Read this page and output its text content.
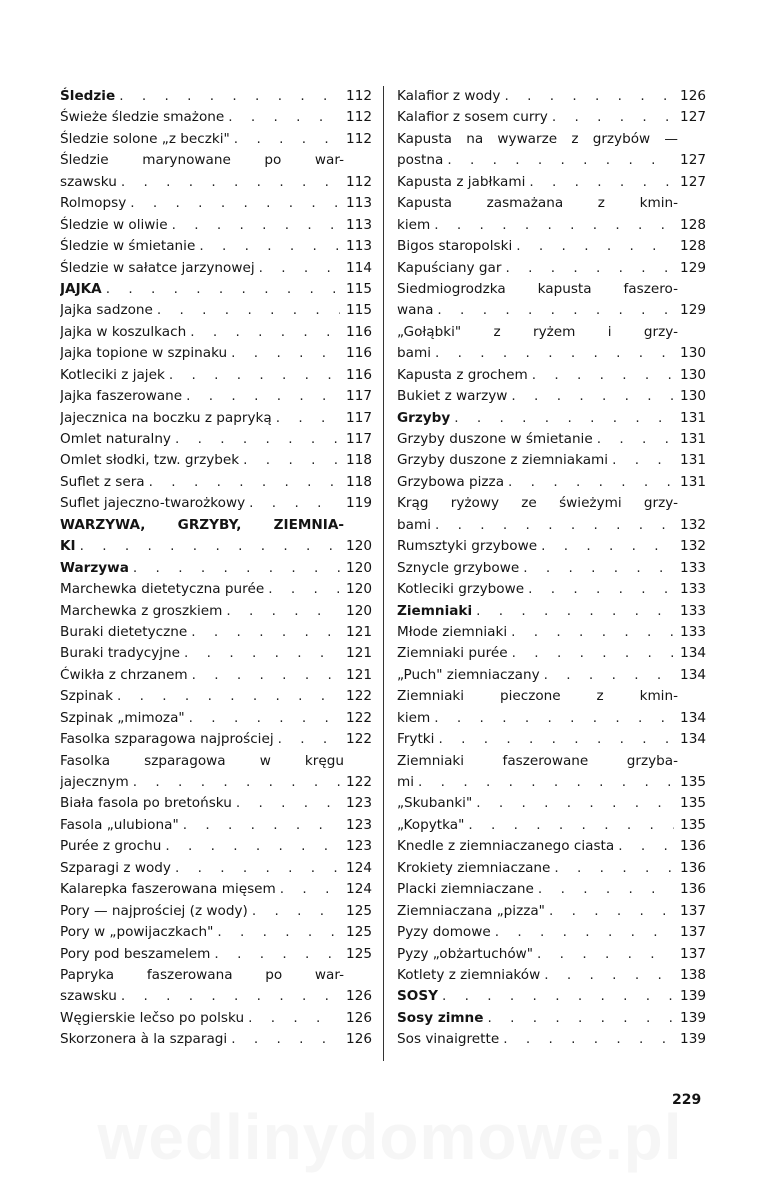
Śledzie . . .	112
Świeże śledzie smażone . . .	112
Śledzie solone „z beczki" . . .	112
Śledzie marynowane po war-
szawsku . . .	112
Rolmopsy . . .	113
Śledzie w oliwie . . .	113
Śledzie w śmietanie . . .	113
Śledzie w sałatce jarzynowej . . .	114
JAJKA . . .	115
Jajka sadzone . . .	115
Jajka w koszulkach . . .	116
Jajka topione w szpinaku . . .	116
Kotleciki z jajek . . .	116
Jajka faszerowane . . .	117
Jajecznica na boczku z papryką . . .	117
Omlet naturalny . . .	117
Omlet słodki, tzw. grzybek . . .	118
Suflet z sera . . .	118
Suflet jajeczno-twarożkowy . . .	119
WARZYWA, GRZYBY, ZIEMNIA-
KI . . .	120
Warzywa . . .	120
Marchewka dietetyczna purée . . .	120
Marchewka z groszkiem . . .	120
Buraki dietetyczne . . .	121
Buraki tradycyjne . . .	121
Ćwikła z chrzanem . . .	121
Szpinak . . .	122
Szpinak „mimoza" . . .	122
Fasolka szparagowa najprościej . . .	122
Fasolka szparagowa w kręgu
jajecznym . . .	122
Biała fasola po bretońsku . . .	123
Fasola „ulubiona" . . .	123
Purée z grochu . . .	123
Szparagi z wody . . .	124
Kalarepka faszerowana mięsem . . .	124
Pory — najprościej (z wody) . . .	125
Pory w „powijaczkach" . . .	125
Pory pod beszamelem . . .	125
Papryka faszerowana po war-
szawsku . . .	126
Węgierskie lečso po polsku . . .	126
Skorzonera à la szparagi . . .	126
Kalafior z wody . . .	126
Kalafior z sosem curry . . .	127
Kapusta na wywarze z grzybów —
postna . . .	127
Kapusta z jabłkami . . .	127
Kapusta zasmażana z kmin-
kiem . . .	128
Bigos staropolski . . .	128
Kapuściany gar . . .	129
Siedmiogrodzka kapusta faszero-
wana . . .	129
„Gołąbki" z ryżem i grzy-
bami . . .	130
Kapusta z grochem . . .	130
Bukiet z warzyw . . .	130
Grzyby . . .	131
Grzyby duszone w śmietanie . . .	131
Grzyby duszone z ziemniakami . . .	131
Grzybowa pizza . . .	131
Krąg ryżowy ze świeżymi grzy-
bami . . .	132
Rumsztyki grzybowe . . .	132
Sznycle grzybowe . . .	133
Kotleciki grzybowe . . .	133
Ziemniaki . . .	133
Młode ziemniaki . . .	133
Ziemniaki purée . . .	134
„Puch" ziemniaczany . . .	134
Ziemniaki pieczone z kmin-
kiem . . .	134
Frytki . . .	134
Ziemniaki faszerowane grzyba-
mi . . .	135
„Skubanki" . . .	135
„Kopytka" . . .	135
Knedle z ziemniaczanego ciasta . . .	136
Krokiety ziemniaczane . . .	136
Placki ziemniaczane . . .	136
Ziemniaczana „pizza" . . .	137
Pyzy domowe . . .	137
Pyzy „obżartuchów" . . .	137
Kotlety z ziemniaków . . .	138
SOSY . . .	139
Sosy zimne . . .	139
Sos vinaigrette . . .	139
229
wedlinydomowe.pl
